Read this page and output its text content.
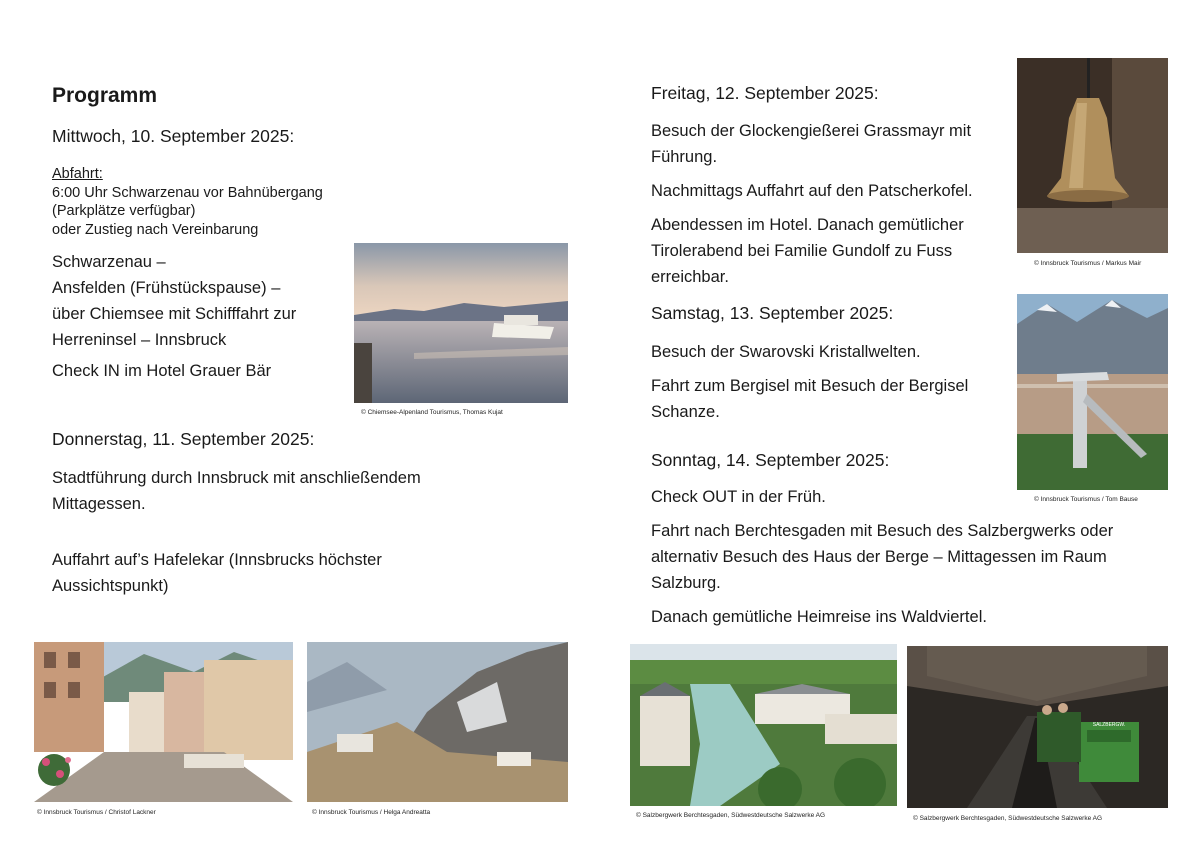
Programm
Mittwoch, 10. September 2025:
Abfahrt:
6:00 Uhr Schwarzenau vor Bahnübergang
(Parkplätze verfügbar)
oder Zustieg nach Vereinbarung
Schwarzenau –
Ansfelden (Frühstückspause) –
über Chiemsee mit Schifffahrt zur
Herreninsel – Innsbruck
Check IN im Hotel Grauer Bär
© Chiemsee-Alpenland Tourismus, Thomas Kujat
Donnerstag, 11. September 2025:
Stadtführung durch Innsbruck mit anschließendem
Mittagessen.
Auffahrt auf’s Hafelekar (Innsbrucks höchster
Aussichtspunkt)
© Innsbruck Tourismus / Christof Lackner	© Innsbruck Tourismus / Helga Andreatta
Freitag, 12. September 2025:
Besuch der Glockengießerei Grassmayr mit
Führung.
Nachmittags Auffahrt auf den Patscherkofel.
Abendessen im Hotel. Danach gemütlicher
Tirolerabend bei Familie Gundolf zu Fuss
erreichbar.
© Innsbruck Tourismus / Markus Mair
Samstag, 13. September 2025:
Besuch der Swarovski Kristallwelten.
Fahrt zum Bergisel mit Besuch der Bergisel
Schanze.
© Innsbruck Tourismus / Tom Bause
Sonntag, 14. September 2025:
Check OUT in der Früh.
Fahrt nach Berchtesgaden mit Besuch des Salzbergwerks oder
alternativ Besuch des Haus der Berge – Mittagessen im Raum
Salzburg.
Danach gemütliche Heimreise ins Waldviertel.
© Salzbergwerk Berchtesgaden, Südwestdeutsche Salzwerke AG
SALZBERGW.
© Salzbergwerk Berchtesgaden, Südwestdeutsche Salzwerke AG
